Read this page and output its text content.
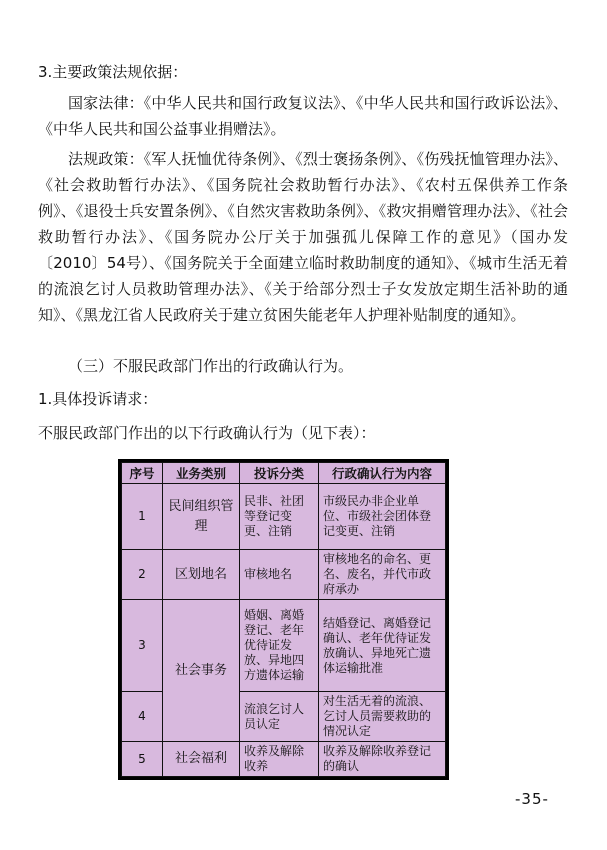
3.主要政策法规依据：

国家法律：《中华人民共和国行政复议法》、《中华人民共和国行政诉讼法》、《中华人民共和国公益事业捐赠法》。

法规政策：《军人抚恤优待条例》、《烈士褒扬条例》、《伤残抚恤管理办法》、《社会救助暂行办法》、《国务院社会救助暂行办法》、《农村五保供养工作条例》、《退役士兵安置条例》、《自然灾害救助条例》、《救灾捐赠管理办法》、《社会救助暂行办法》、《国务院办公厅关于加强孤儿保障工作的意见》（国办发〔2010〕54号）、《国务院关于全面建立临时救助制度的通知》、《城市生活无着的流浪乞讨人员救助管理办法》、《关于给部分烈士子女发放定期生活补助的通知》、《黑龙江省人民政府关于建立贫困失能老年人护理补贴制度的通知》。

（三）不服民政部门作出的行政确认行为。
1.具体投诉请求：
不服民政部门作出的以下行政确认行为（见下表）：
序号	业务类别	投诉分类	行政确认行为内容
1	民间组织管理	民非、社团等登记变更、注销	市级民办非企业单位、市级社会团体登记变更、注销
2	区划地名	审核地名	审核地名的命名、更名、废名，并代市政府承办
3	社会事务	婚姻、离婚登记、老年优待证发放、异地四方遗体运输	结婚登记、离婚登记确认、老年优待证发放确认、异地死亡遗体运输批准
4		流浪乞讨人员认定	对生活无着的流浪、乞讨人员需要救助的情况认定
5	社会福利	收养及解除收养	收养及解除收养登记的确认
-35-
